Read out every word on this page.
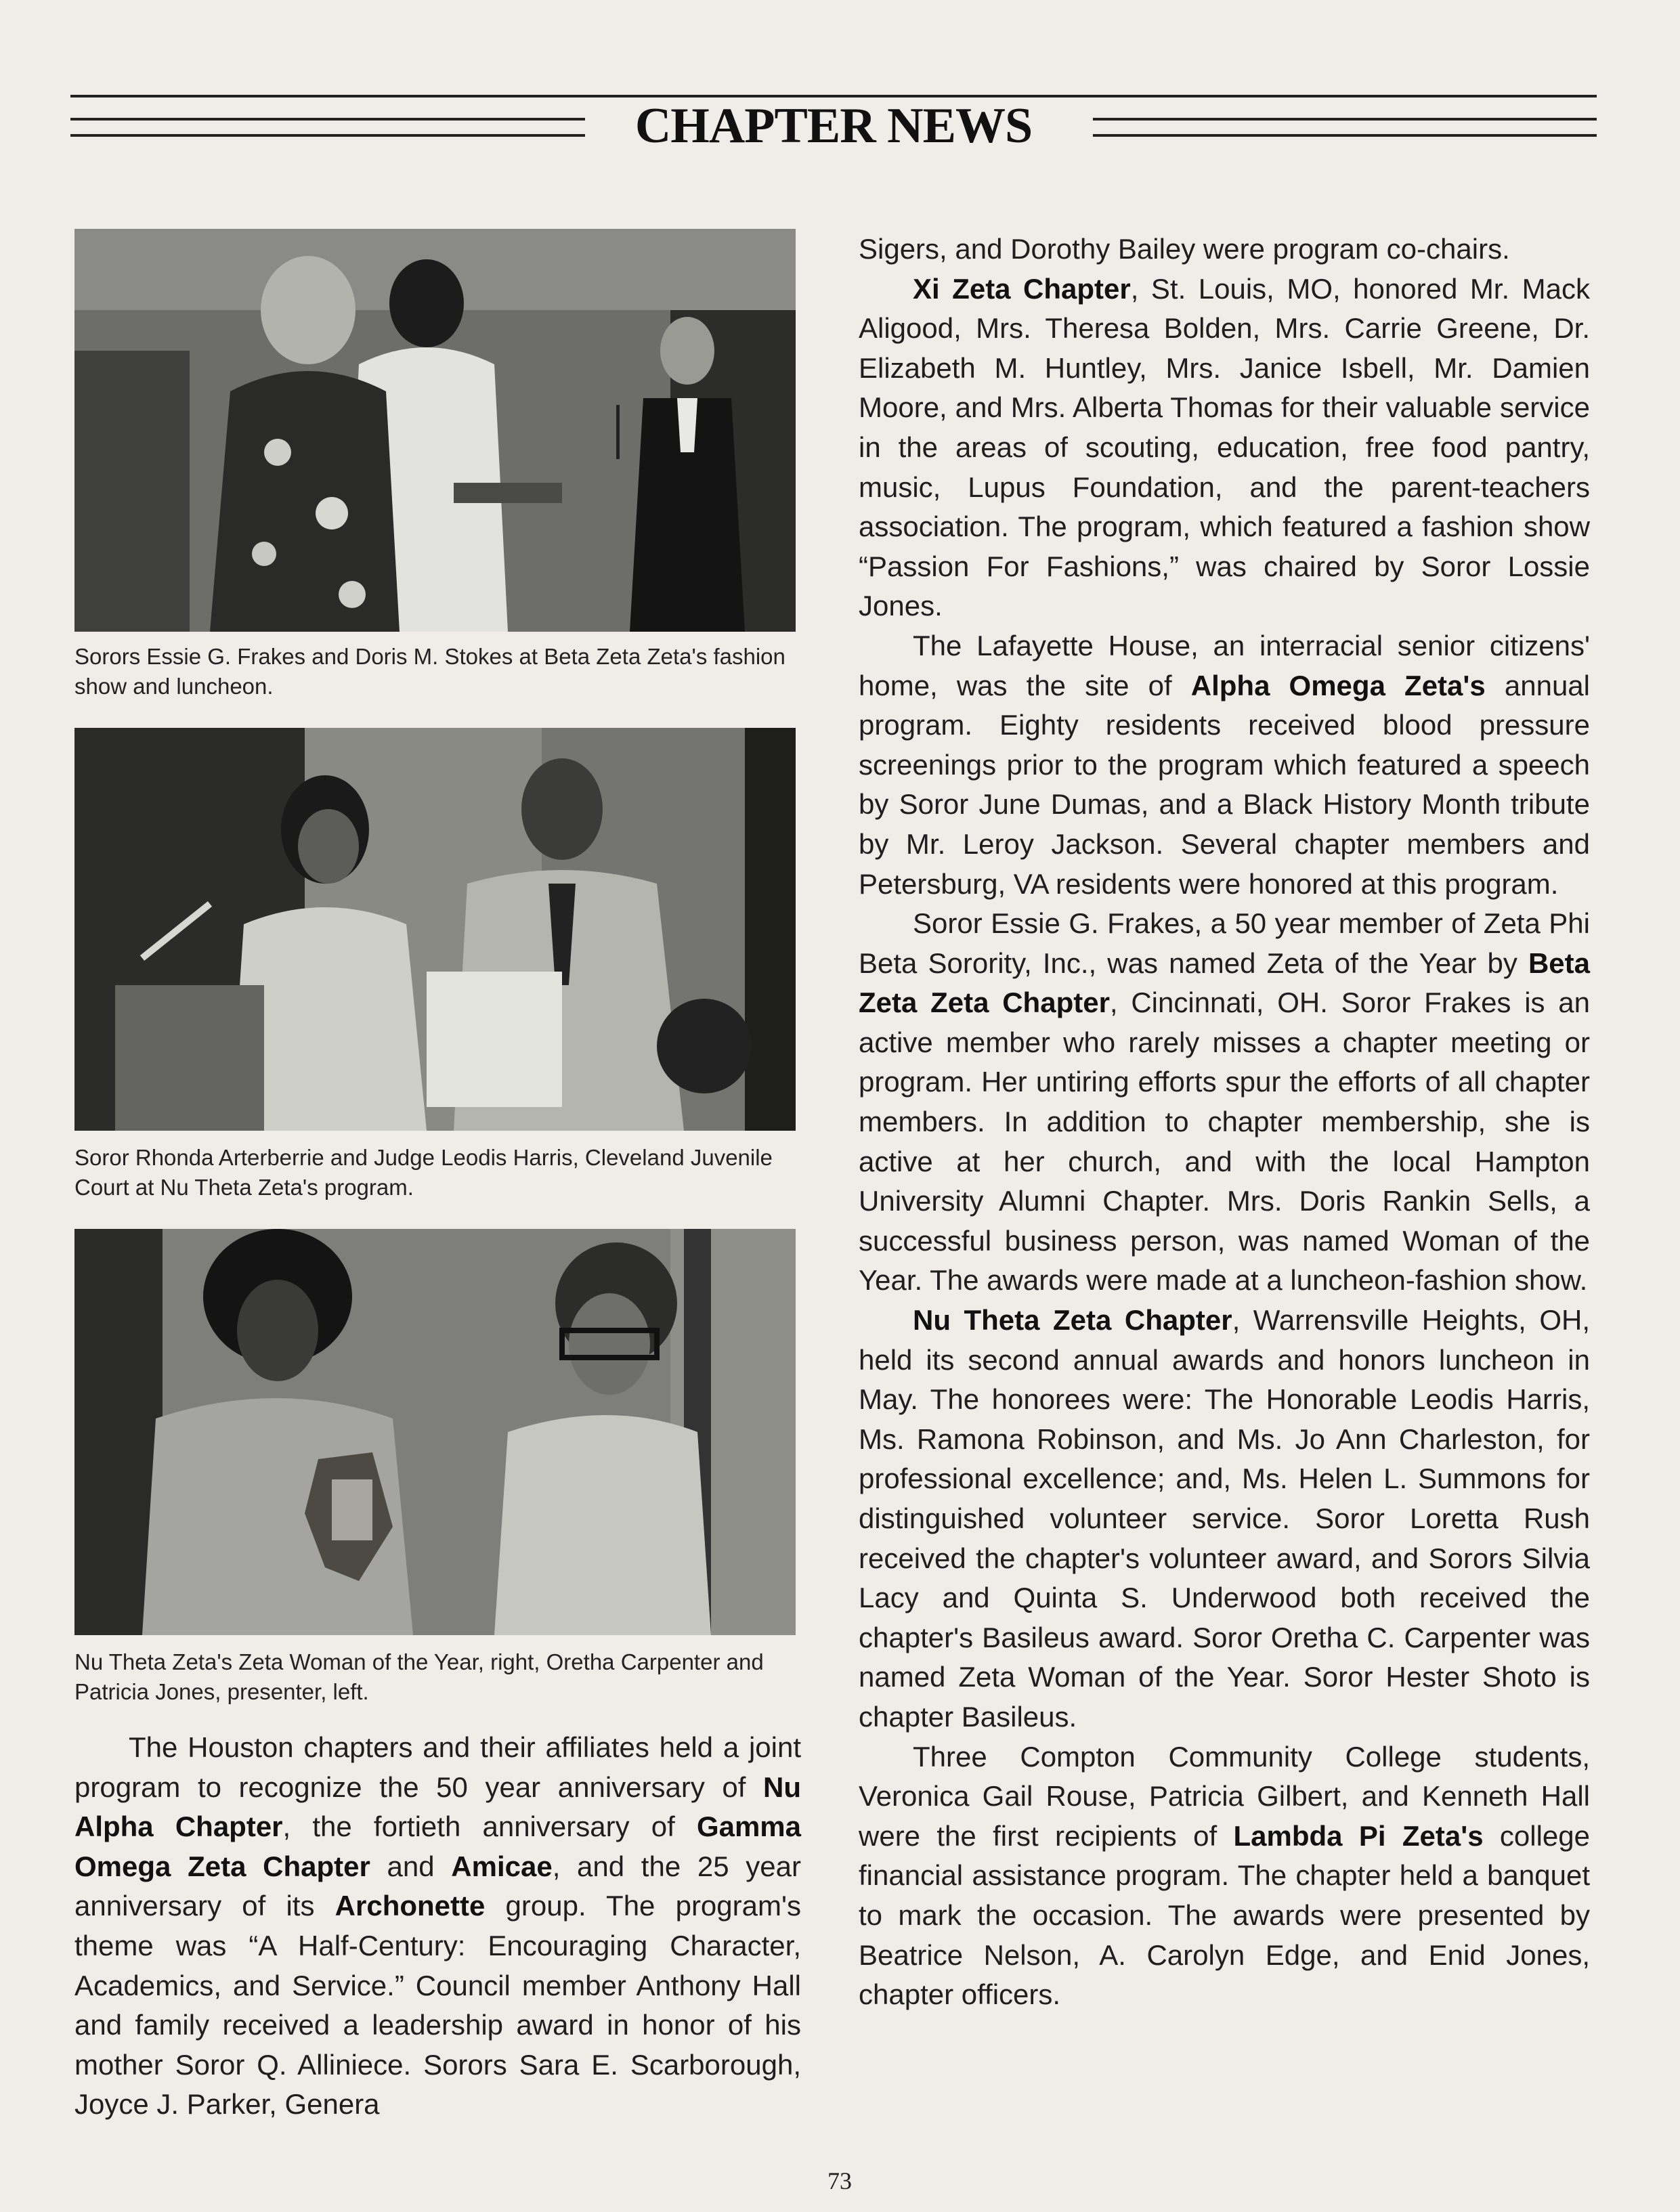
CHAPTER NEWS
Sorors Essie G. Frakes and Doris M. Stokes at Beta Zeta Zeta's fashion show and luncheon.
Soror Rhonda Arterberrie and Judge Leodis Harris, Cleveland Juvenile Court at Nu Theta Zeta's program.
Nu Theta Zeta's Zeta Woman of the Year, right, Oretha Carpenter and Patricia Jones, presenter, left.

The Houston chapters and their affiliates held a joint program to recognize the 50 year anniversary of Nu Alpha Chapter, the fortieth anniversary of Gamma Omega Zeta Chapter and Amicae, and the 25 year anniversary of its Archonette group. The program's theme was “A Half-Century: Encouraging Character, Academics, and Service.” Council member Anthony Hall and family received a leadership award in honor of his mother Soror Q. Alliniece. Sorors Sara E. Scarborough, Joyce J. Parker, Genera

Sigers, and Dorothy Bailey were program co-chairs.

Xi Zeta Chapter, St. Louis, MO, honored Mr. Mack Aligood, Mrs. Theresa Bolden, Mrs. Carrie Greene, Dr. Elizabeth M. Huntley, Mrs. Janice Isbell, Mr. Damien Moore, and Mrs. Alberta Thomas for their valuable service in the areas of scouting, education, free food pantry, music, Lupus Foundation, and the parent-teachers association. The program, which featured a fashion show “Passion For Fashions,” was chaired by Soror Lossie Jones.

The Lafayette House, an interracial senior citizens' home, was the site of Alpha Omega Zeta's annual program. Eighty residents received blood pressure screenings prior to the program which featured a speech by Soror June Dumas, and a Black History Month tribute by Mr. Leroy Jackson. Several chapter members and Petersburg, VA residents were honored at this program.

Soror Essie G. Frakes, a 50 year member of Zeta Phi Beta Sorority, Inc., was named Zeta of the Year by Beta Zeta Zeta Chapter, Cincinnati, OH. Soror Frakes is an active member who rarely misses a chapter meeting or program. Her untiring efforts spur the efforts of all chapter members. In addition to chapter membership, she is active at her church, and with the local Hampton University Alumni Chapter. Mrs. Doris Rankin Sells, a successful business person, was named Woman of the Year. The awards were made at a luncheon-fashion show.

Nu Theta Zeta Chapter, Warrensville Heights, OH, held its second annual awards and honors luncheon in May. The honorees were: The Honorable Leodis Harris, Ms. Ramona Robinson, and Ms. Jo Ann Charleston, for professional excellence; and, Ms. Helen L. Summons for distinguished volunteer service. Soror Loretta Rush received the chapter's volunteer award, and Sorors Silvia Lacy and Quinta S. Underwood both received the chapter's Basileus award. Soror Oretha C. Carpenter was named Zeta Woman of the Year. Soror Hester Shoto is chapter Basileus.

Three Compton Community College students, Veronica Gail Rouse, Patricia Gilbert, and Kenneth Hall were the first recipients of Lambda Pi Zeta's college financial assistance program. The chapter held a banquet to mark the occasion. The awards were presented by Beatrice Nelson, A. Carolyn Edge, and Enid Jones, chapter officers.

73
